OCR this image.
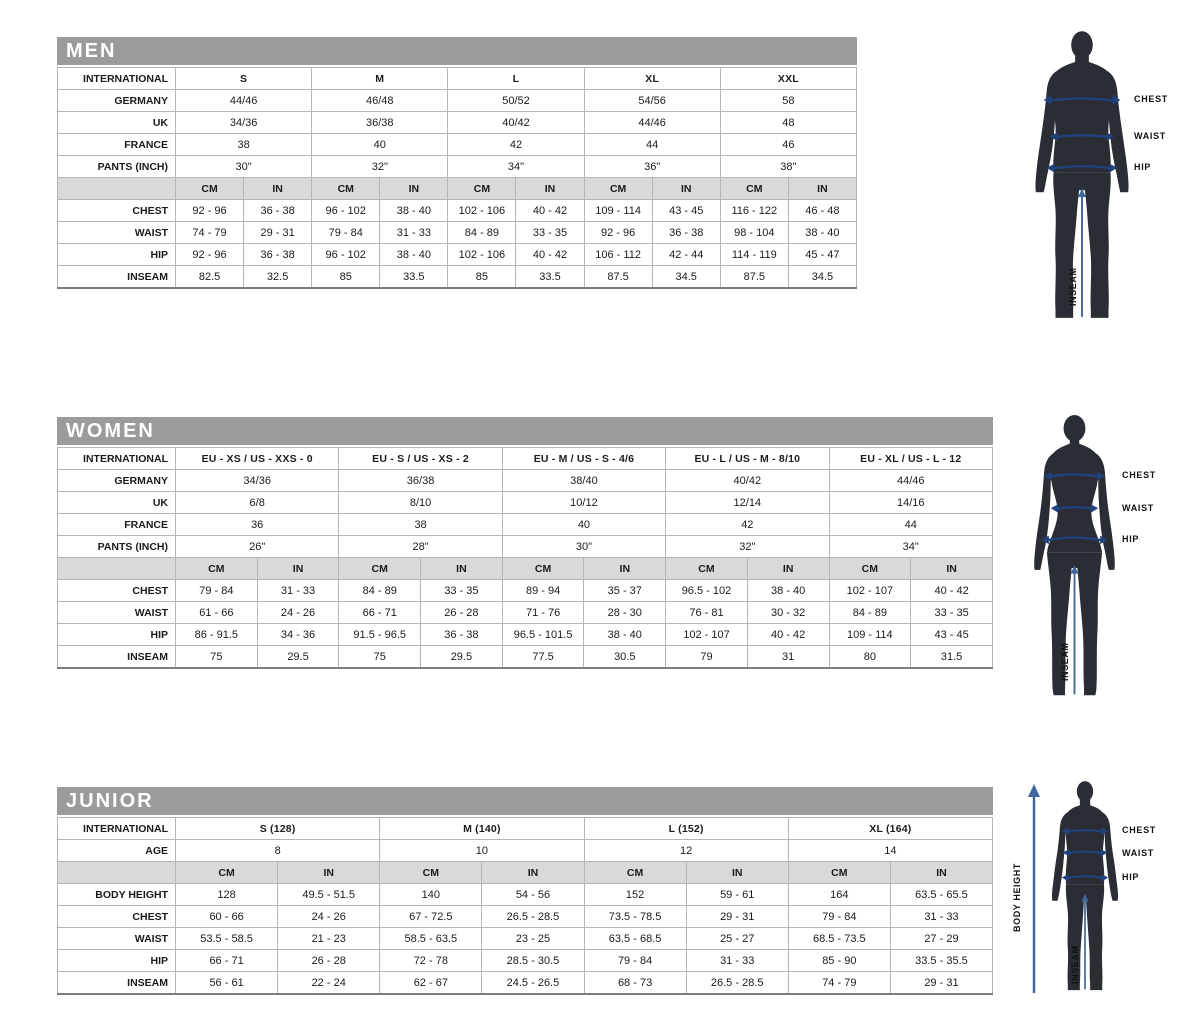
MEN
INTERNATIONAL	S		M		L		XL		XXL	
GERMANY	44/46		46/48		50/52		54/56		58	
UK	34/36		36/38		40/42		44/46		48	
FRANCE	38		40		42		44		46	
PANTS (INCH)	30"		32"		34"		36"		38"	
	CM	IN	CM	IN	CM	IN	CM	IN	CM	IN
CHEST	92 - 96	36 - 38	96 - 102	38 - 40	102 - 106	40 - 42	109 - 114	43 - 45	116 - 122	46 - 48
WAIST	74 - 79	29 - 31	79 - 84	31 - 33	84 - 89	33 - 35	92 - 96	36 - 38	98 - 104	38 - 40
HIP	92 - 96	36 - 38	96 - 102	38 - 40	102 - 106	40 - 42	106 - 112	42 - 44	114 - 119	45 - 47
INSEAM	82.5	32.5	85	33.5	85	33.5	87.5	34.5	87.5	34.5
WOMEN
INTERNATIONAL	EU - XS / US - XXS - 0		EU - S / US - XS - 2		EU - M / US - S - 4/6		EU - L / US - M - 8/10		EU - XL / US - L - 12	
GERMANY	34/36		36/38		38/40		40/42		44/46	
UK	6/8		8/10		10/12		12/14		14/16	
FRANCE	36		38		40		42		44	
PANTS (INCH)	26"		28"		30"		32"		34"	
	CM	IN	CM	IN	CM	IN	CM	IN	CM	IN
CHEST	79 - 84	31 - 33	84 - 89	33 - 35	89 - 94	35 - 37	96.5 - 102	38 - 40	102 - 107	40 - 42
WAIST	61 - 66	24 - 26	66 - 71	26 - 28	71 - 76	28 - 30	76 - 81	30 - 32	84 - 89	33 - 35
HIP	86 - 91.5	34 - 36	91.5 - 96.5	36 - 38	96.5 - 101.5	38 - 40	102 - 107	40 - 42	109 - 114	43 - 45
INSEAM	75	29.5	75	29.5	77.5	30.5	79	31	80	31.5
JUNIOR
INTERNATIONAL	S (128)		M (140)		L (152)		XL (164)	
AGE	8		10		12		14	
	CM	IN	CM	IN	CM	IN	CM	IN
BODY HEIGHT	128	49.5 - 51.5	140	54 - 56	152	59 - 61	164	63.5 - 65.5
CHEST	60 - 66	24 - 26	67 - 72.5	26.5 - 28.5	73.5 - 78.5	29 - 31	79 - 84	31 - 33
WAIST	53.5 - 58.5	21 - 23	58.5 - 63.5	23 - 25	63.5 - 68.5	25 - 27	68.5 - 73.5	27 - 29
HIP	66 - 71	26 - 28	72 - 78	28.5 - 30.5	79 - 84	31 - 33	85 - 90	33.5 - 35.5
INSEAM	56 - 61	22 - 24	62 - 67	24.5 - 26.5	68 - 73	26.5 - 28.5	74 - 79	29 - 31
CHEST
WAIST
HIP
INSEAM
CHEST
WAIST
HIP
INSEAM
CHEST
WAIST
HIP
INSEAM
BODY HEIGHT
